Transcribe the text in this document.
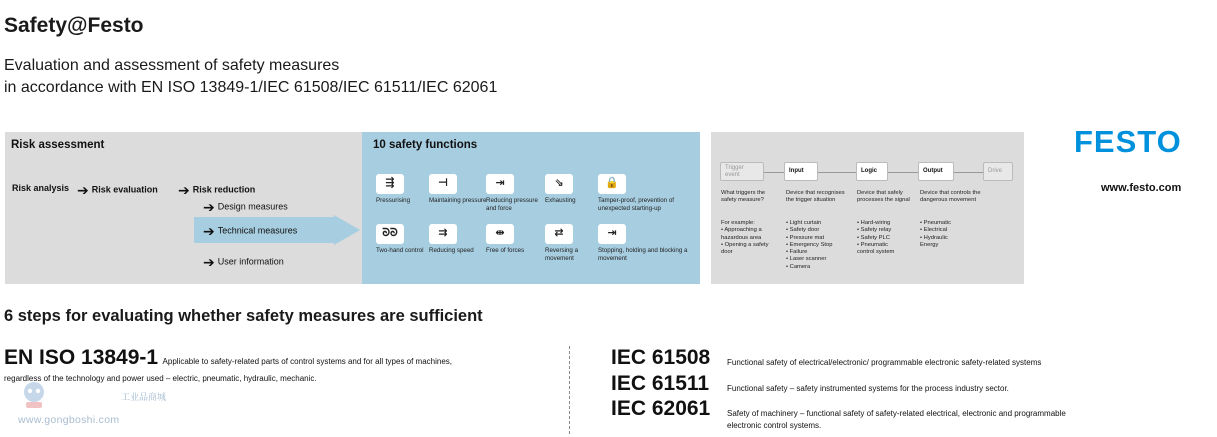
Safety@Festo
Evaluation and assessment of safety measures
in accordance with EN ISO 13849-1/IEC 61508/IEC 61511/IEC 62061
Risk assessment
Risk analysis ➔ Risk evaluation ➔ Risk reduction
➔ Design measures
➔ Technical measures
➔ User information
10 safety functions
⇶
Pressurising
⊣
Maintaining pressure
⇥
Reducing pressure and force
⇘
Exhausting
🔒
Tamper-proof, prevention of unexpected starting-up
ᘐᘐ
Two-hand control
⇉
Reducing speed
⇹
Free of forces
⇄
Reversing a movement
⇥
Stopping, holding and blocking a movement
Trigger event
Input	Logic	Output	Drive
What triggers the safety measure?
For example:
• Approaching a
hazardous area
• Opening a safety
door
Device that recognises the trigger situation
• Light curtain
• Safety door
• Pressure mat
• Emergency Stop
• Failure
• Laser scanner
• Camera
Device that safely processes the signal
• Hard-wiring
• Safety relay
• Safety PLC
• Pneumatic
control system
Device that controls the dangerous movement
• Pneumatic
• Electrical
• Hydraulic
Energy
FESTO
www.festo.com
6 steps for evaluating whether safety measures are sufficient
EN ISO 13849-1 Applicable to safety-related parts of control systems and for all types of machines,
regardless of the technology and power used – electric, pneumatic, hydraulic, mechanic.
IEC 61508 Functional safety of electrical/electronic/ programmable electronic safety-related systems
IEC 61511 Functional safety – safety instrumented systems for the process industry sector.
IEC 62061 Safety of machinery – functional safety of safety-related electrical, electronic and programmable
electronic control systems.
工业品商城
www.gongboshi.com
